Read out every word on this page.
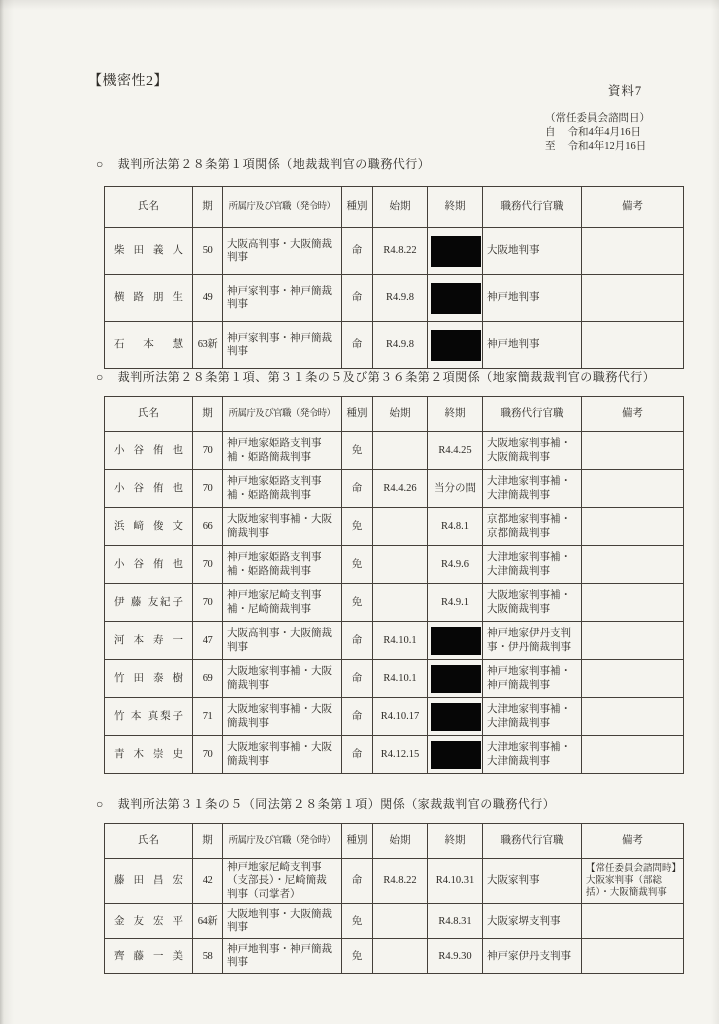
【機密性2】
資料7
（常任委員会諮問日）
自 令和4年4月16日
至 令和4年12月16日
○ 裁判所法第２８条第１項関係（地裁裁判官の職務代行）
氏名	期	所属庁及び官職（発令時）	種別	始期	終期	職務代行官職	備考
柴 田 義 人	50	大阪高判事・大阪簡裁判事	命	R4.8.22		大阪地判事	
横 路 朋 生	49	神戸家判事・神戸簡裁判事	命	R4.9.8		神戸地判事	
石 本 慧	63新	神戸家判事・神戸簡裁判事	命	R4.9.8		神戸地判事	
○ 裁判所法第２８条第１項、第３１条の５及び第３６条第２項関係（地家簡裁裁判官の職務代行）
氏名	期	所属庁及び官職（発令時）	種別	始期	終期	職務代行官職	備考
小 谷 侑 也	70	神戸地家姫路支判事補・姫路簡裁判事	免		R4.4.25	大阪地家判事補・大阪簡裁判事	
小 谷 侑 也	70	神戸地家姫路支判事補・姫路簡裁判事	命	R4.4.26	当分の間	大津地家判事補・大津簡裁判事	
浜 﨑 俊 文	66	大阪地家判事補・大阪簡裁判事	免		R4.8.1	京都地家判事補・京都簡裁判事	
小 谷 侑 也	70	神戸地家姫路支判事補・姫路簡裁判事	免		R4.9.6	大津地家判事補・大津簡裁判事	
伊 藤 友紀子	70	神戸地家尼崎支判事補・尼崎簡裁判事	免		R4.9.1	大阪地家判事補・大阪簡裁判事	
河 本 寿 一	47	大阪高判事・大阪簡裁判事	命	R4.10.1		神戸地家伊丹支判事・伊丹簡裁判事	
竹 田 泰 樹	69	大阪地家判事補・大阪簡裁判事	命	R4.10.1		神戸地家判事補・神戸簡裁判事	
竹 本 真梨子	71	大阪地家判事補・大阪簡裁判事	命	R4.10.17		大津地家判事補・大津簡裁判事	
青 木 崇 史	70	大阪地家判事補・大阪簡裁判事	命	R4.12.15		大津地家判事補・大津簡裁判事	
○ 裁判所法第３１条の５（同法第２８条第１項）関係（家裁裁判官の職務代行）
氏名	期	所属庁及び官職（発令時）	種別	始期	終期	職務代行官職	備考
藤 田 昌 宏	42	神戸地家尼崎支判事（支部長）・尼崎簡裁判事（司掌者）	命	R4.8.22	R4.10.31	大阪家判事	【常任委員会諮問時】大阪家判事（部総括）・大阪簡裁判事
金 友 宏 平	64新	大阪地判事・大阪簡裁判事	免		R4.8.31	大阪家堺支判事	
齊 藤 一 美	58	神戸地判事・神戸簡裁判事	免		R4.9.30	神戸家伊丹支判事	
